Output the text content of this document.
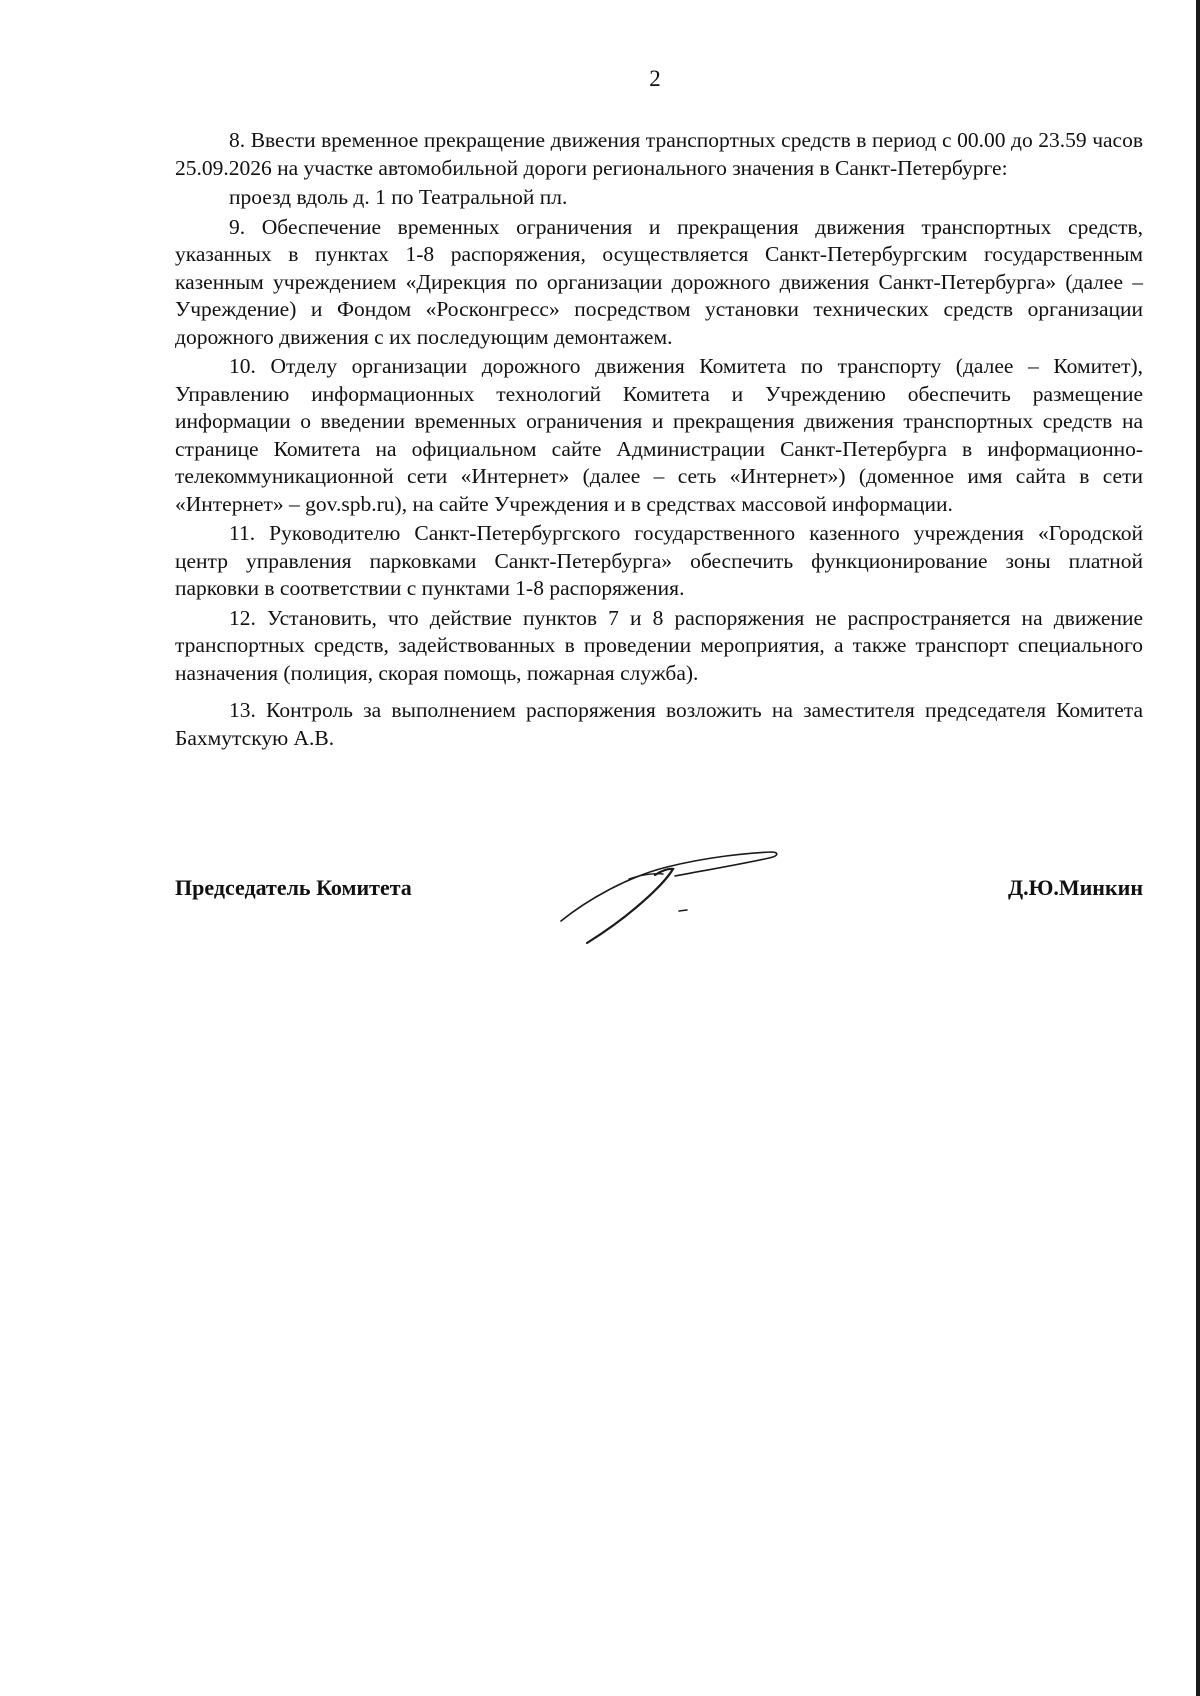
2

8. Ввести временное прекращение движения транспортных средств в период с 00.00 до 23.59 часов 25.09.2026 на участке автомобильной дороги регионального значения в Санкт-Петербурге:

проезд вдоль д. 1 по Театральной пл.

9. Обеспечение временных ограничения и прекращения движения транспортных средств, указанных в пунктах 1-8 распоряжения, осуществляется Санкт-Петербургским государственным казенным учреждением «Дирекция по организации дорожного движения Санкт-Петербурга» (далее – Учреждение) и Фондом «Росконгресс» посредством установки технических средств организации дорожного движения с их последующим демонтажем.

10. Отделу организации дорожного движения Комитета по транспорту (далее – Комитет), Управлению информационных технологий Комитета и Учреждению обеспечить размещение информации о введении временных ограничения и прекращения движения транспортных средств на странице Комитета на официальном сайте Администрации Санкт-Петербурга в информационно-телекоммуникационной сети «Интернет» (далее – сеть «Интернет») (доменное имя сайта в сети «Интернет» – gov.spb.ru), на сайте Учреждения и в средствах массовой информации.

11. Руководителю Санкт-Петербургского государственного казенного учреждения «Городской центр управления парковками Санкт-Петербурга» обеспечить функционирование зоны платной парковки в соответствии с пунктами 1-8 распоряжения.

12. Установить, что действие пунктов 7 и 8 распоряжения не распространяется на движение транспортных средств, задействованных в проведении мероприятия, а также транспорт специального назначения (полиция, скорая помощь, пожарная служба).

13. Контроль за выполнением распоряжения возложить на заместителя председателя Комитета Бахмутскую А.В.

Председатель Комитета	Д.Ю.Минкин
